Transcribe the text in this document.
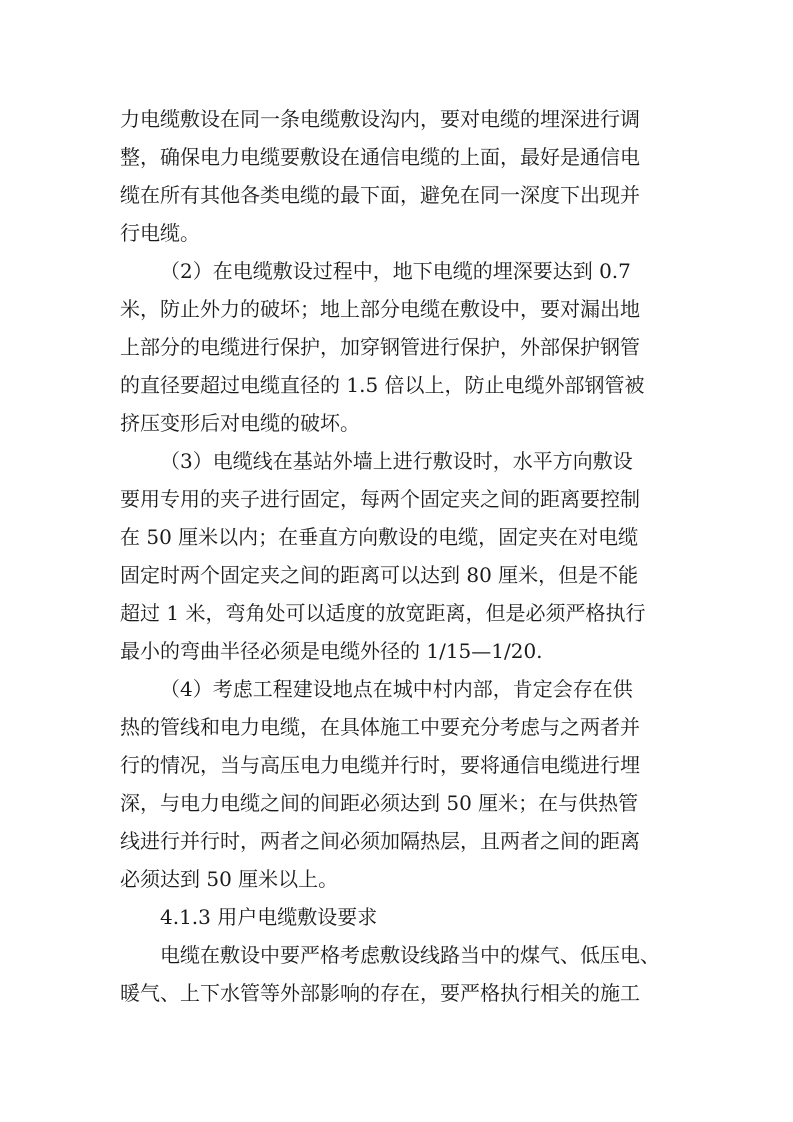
力电缆敷设在同一条电缆敷设沟内，要对电缆的埋深进行调
整，确保电力电缆要敷设在通信电缆的上面，最好是通信电
缆在所有其他各类电缆的最下面，避免在同一深度下出现并
行电缆。
（2）在电缆敷设过程中，地下电缆的埋深要达到 0.7
米，防止外力的破坏；地上部分电缆在敷设中，要对漏出地
上部分的电缆进行保护，加穿钢管进行保护，外部保护钢管
的直径要超过电缆直径的 1.5 倍以上，防止电缆外部钢管被
挤压变形后对电缆的破坏。
（3）电缆线在基站外墙上进行敷设时，水平方向敷设
要用专用的夹子进行固定，每两个固定夹之间的距离要控制
在 50 厘米以内；在垂直方向敷设的电缆，固定夹在对电缆
固定时两个固定夹之间的距离可以达到 80 厘米，但是不能
超过 1 米，弯角处可以适度的放宽距离，但是必须严格执行
最小的弯曲半径必须是电缆外径的 1/15—1/20.
（4）考虑工程建设地点在城中村内部，肯定会存在供
热的管线和电力电缆，在具体施工中要充分考虑与之两者并
行的情况，当与高压电力电缆并行时，要将通信电缆进行埋
深，与电力电缆之间的间距必须达到 50 厘米；在与供热管
线进行并行时，两者之间必须加隔热层，且两者之间的距离
必须达到 50 厘米以上。
4.1.3 用户电缆敷设要求
电缆在敷设中要严格考虑敷设线路当中的煤气、低压电、
暖气、上下水管等外部影响的存在，要严格执行相关的施工
